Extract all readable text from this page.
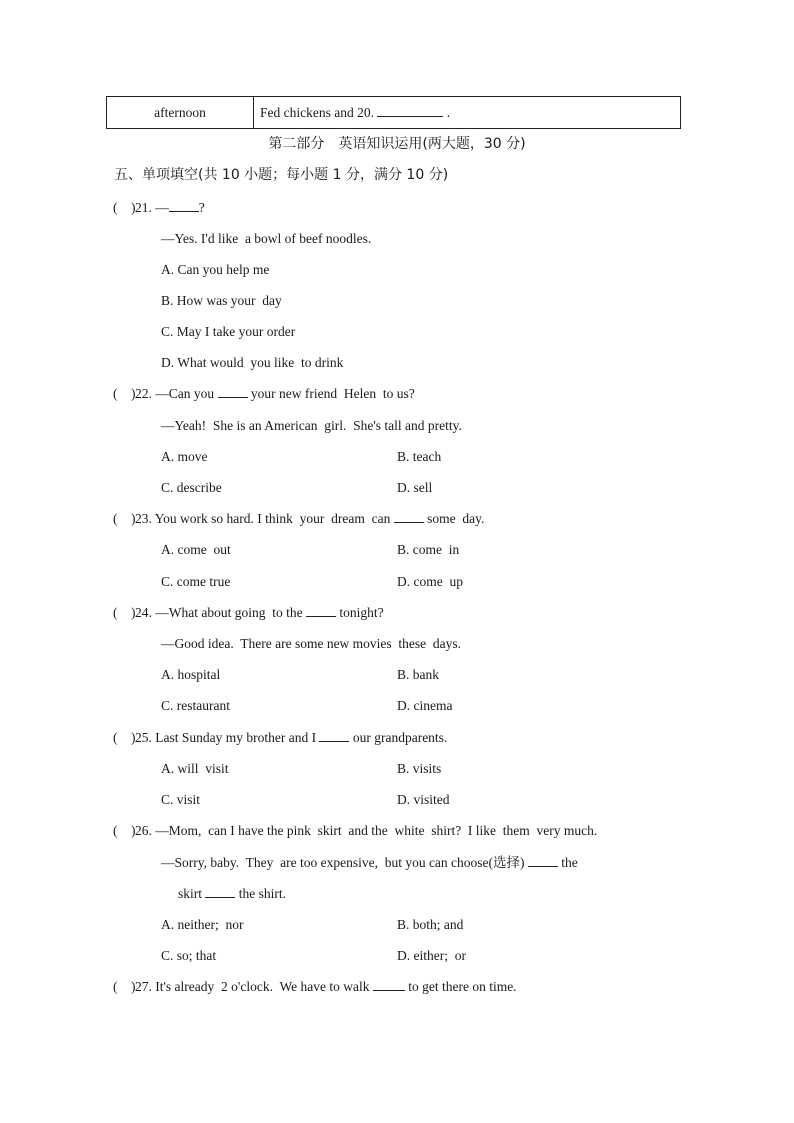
afternoon	Fed chickens and 20.	.
第二部分　英语知识运用(两大题，30 分)
五、单项填空(共 10 小题；每小题 1 分，满分 10 分)
(　) 21. — ?
—Yes. I'd like  a bowl of beef noodles.
A. Can you help me
B. How was your  day
C. May I take your order
D. What would  you like  to drink
(　) 22. —Can you	your new friend  Helen  to us?
—Yeah!  She is an American  girl.  She's tall and pretty.
A. move	B. teach
C. describe	D. sell
(　) 23. You work so hard. I think  your  dream  can	some  day.
A. come  out	B. come  in
C. come true	D. come  up
(　) 24. —What about going  to the	tonight?
—Good idea.  There are some new movies  these  days.
A. hospital	B. bank
C. restaurant	D. cinema
(　) 25. Last Sunday my brother and I	our grandparents.
A. will  visit	B. visits
C. visit	D. visited
(　) 26. —Mom,  can I have the pink  skirt  and the  white  shirt?  I like  them  very much.
—Sorry, baby.  They  are too expensive,  but you can choose(选择)	the
skirt	the shirt.
A. neither;  nor	B. both; and
C. so; that	D. either;  or
(　) 27. It's already  2 o'clock.  We have to walk	to get there on time.
